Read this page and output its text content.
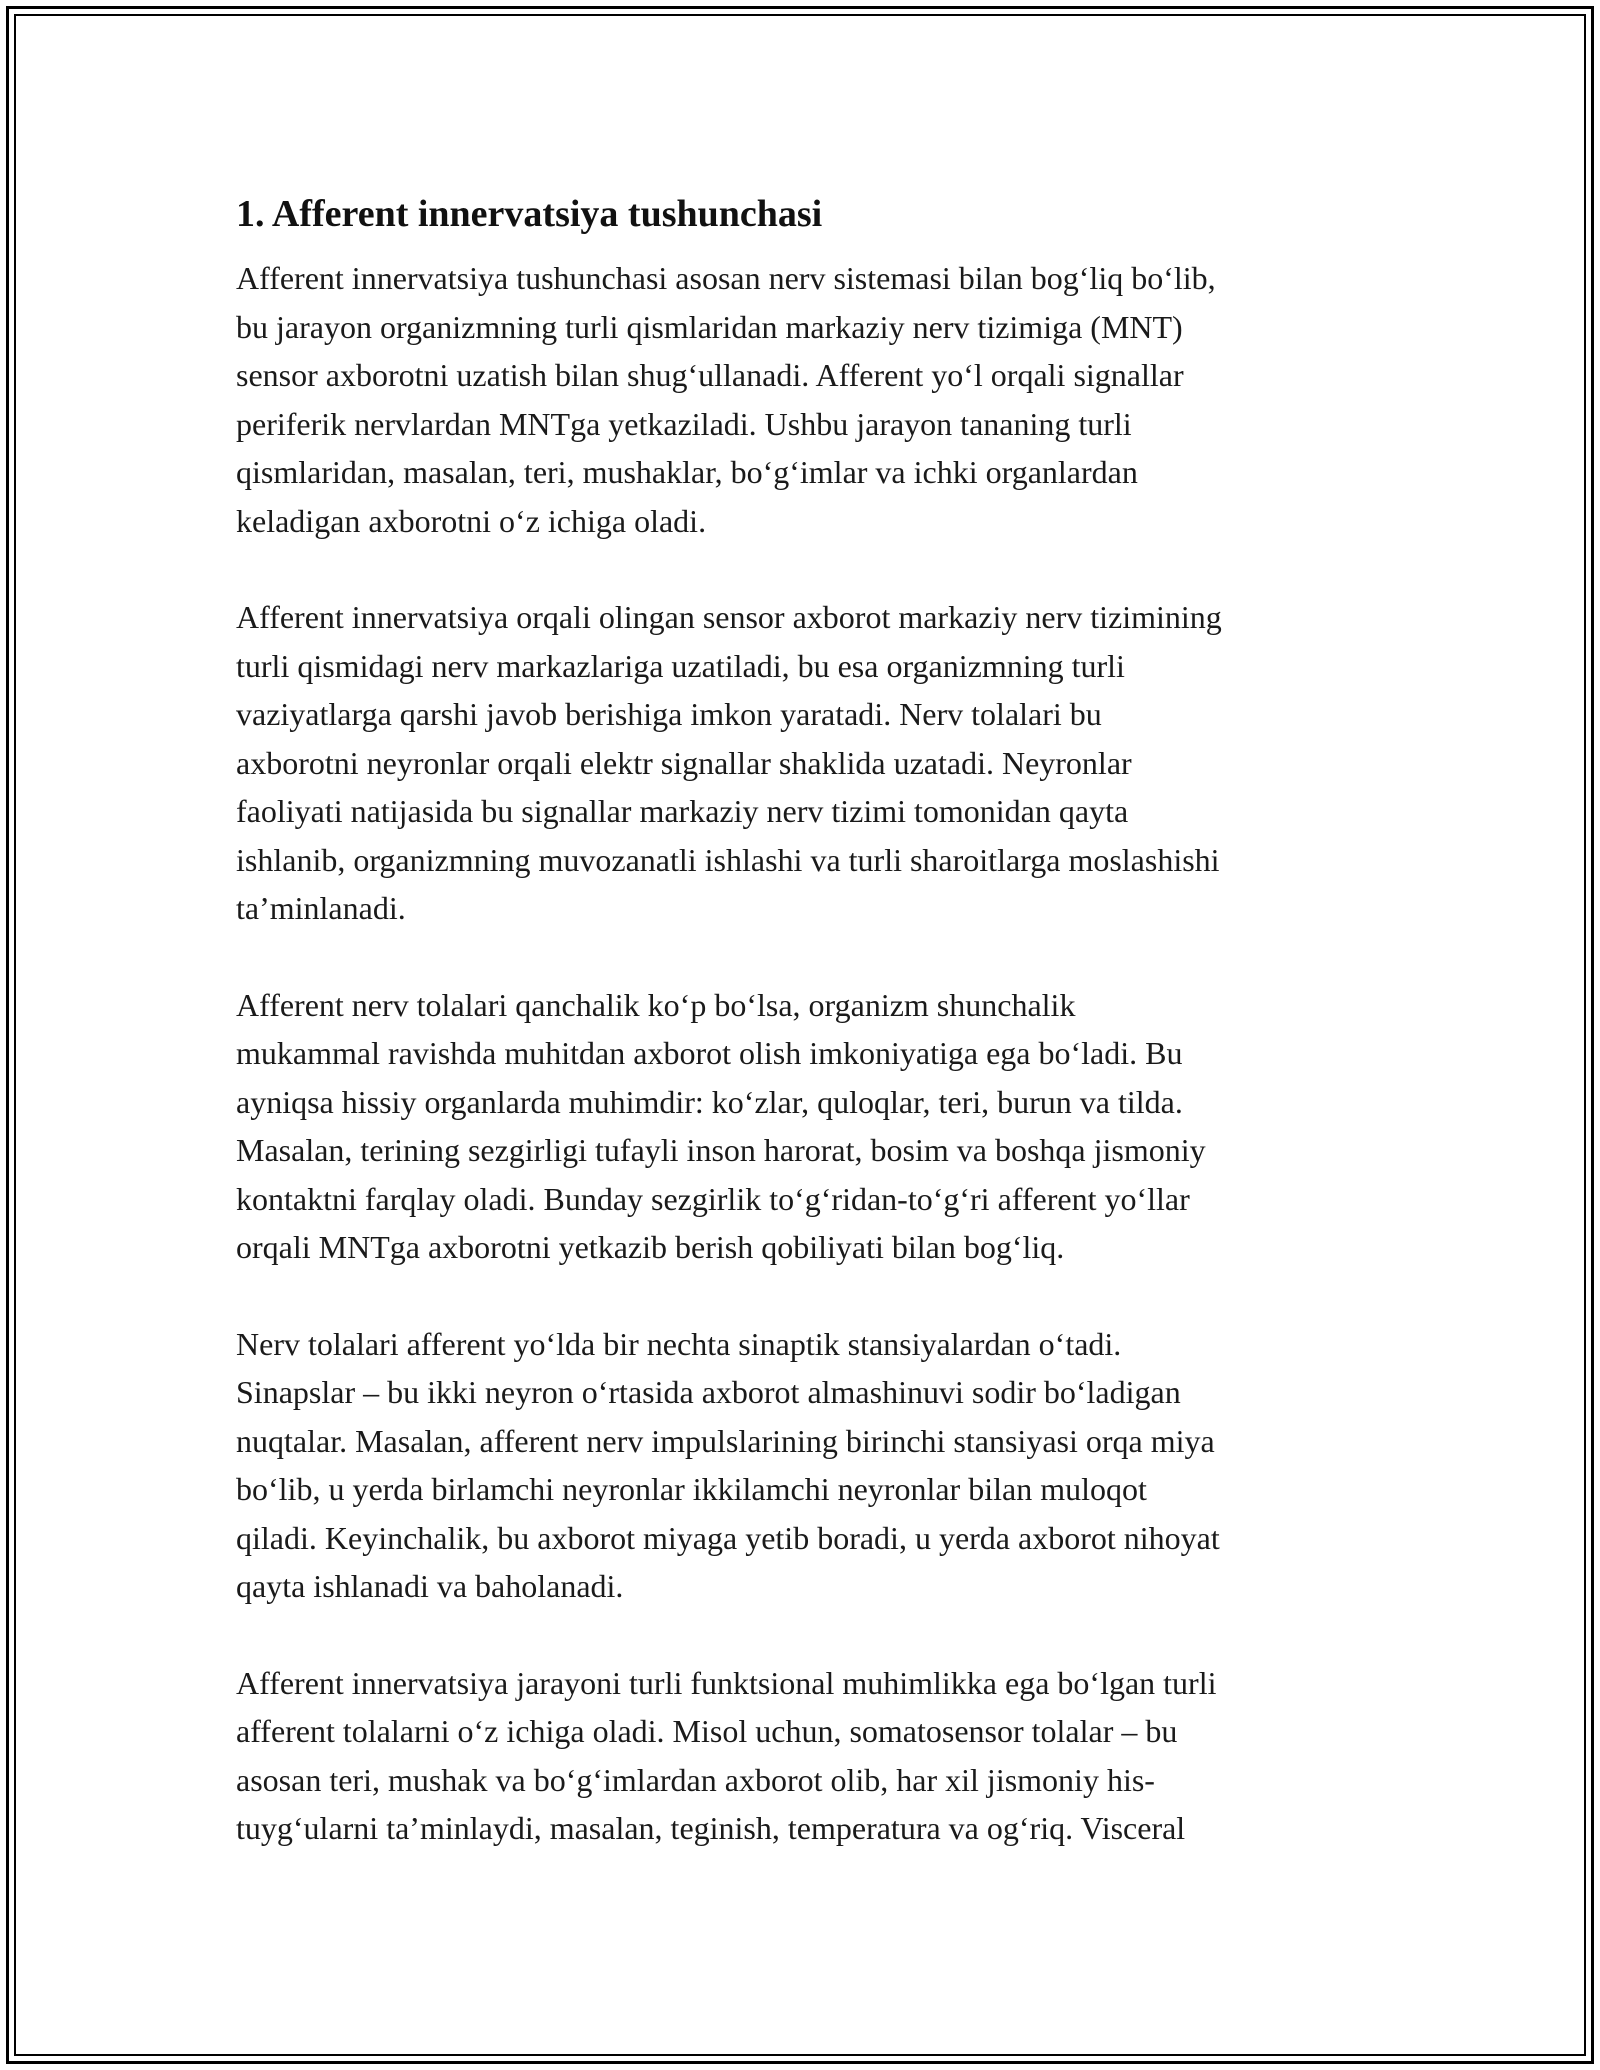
1. Afferent innervatsiya tushunchasi
Afferent innervatsiya tushunchasi asosan nerv sistemasi bilan bog‘liq bo‘lib,
bu jarayon organizmning turli qismlaridan markaziy nerv tizimiga (MNT)
sensor axborotni uzatish bilan shug‘ullanadi. Afferent yo‘l orqali signallar
periferik nervlardan MNTga yetkaziladi. Ushbu jarayon tananing turli
qismlaridan, masalan, teri, mushaklar, bo‘g‘imlar va ichki organlardan
keladigan axborotni o‘z ichiga oladi.
Afferent innervatsiya orqali olingan sensor axborot markaziy nerv tizimining
turli qismidagi nerv markazlariga uzatiladi, bu esa organizmning turli
vaziyatlarga qarshi javob berishiga imkon yaratadi. Nerv tolalari bu
axborotni neyronlar orqali elektr signallar shaklida uzatadi. Neyronlar
faoliyati natijasida bu signallar markaziy nerv tizimi tomonidan qayta
ishlanib, organizmning muvozanatli ishlashi va turli sharoitlarga moslashishi
ta’minlanadi.
Afferent nerv tolalari qanchalik ko‘p bo‘lsa, organizm shunchalik
mukammal ravishda muhitdan axborot olish imkoniyatiga ega bo‘ladi. Bu
ayniqsa hissiy organlarda muhimdir: ko‘zlar, quloqlar, teri, burun va tilda.
Masalan, terining sezgirligi tufayli inson harorat, bosim va boshqa jismoniy
kontaktni farqlay oladi. Bunday sezgirlik to‘g‘ridan-to‘g‘ri afferent yo‘llar
orqali MNTga axborotni yetkazib berish qobiliyati bilan bog‘liq.
Nerv tolalari afferent yo‘lda bir nechta sinaptik stansiyalardan o‘tadi.
Sinapslar – bu ikki neyron o‘rtasida axborot almashinuvi sodir bo‘ladigan
nuqtalar. Masalan, afferent nerv impulslarining birinchi stansiyasi orqa miya
bo‘lib, u yerda birlamchi neyronlar ikkilamchi neyronlar bilan muloqot
qiladi. Keyinchalik, bu axborot miyaga yetib boradi, u yerda axborot nihoyat
qayta ishlanadi va baholanadi.
Afferent innervatsiya jarayoni turli funktsional muhimlikka ega bo‘lgan turli
afferent tolalarni o‘z ichiga oladi. Misol uchun, somatosensor tolalar – bu
asosan teri, mushak va bo‘g‘imlardan axborot olib, har xil jismoniy his-
tuyg‘ularni ta’minlaydi, masalan, teginish, temperatura va og‘riq. Visceral
